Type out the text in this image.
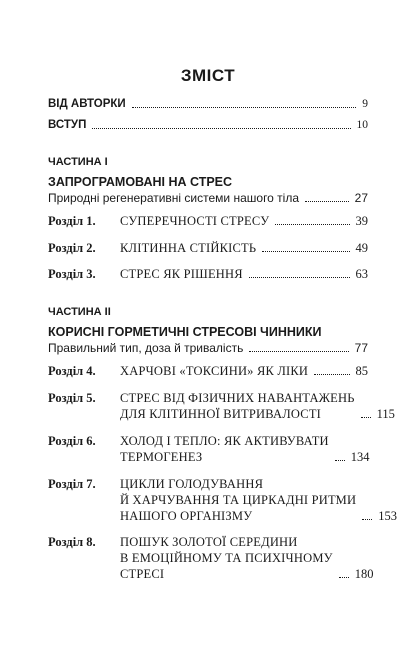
ЗМІСТ
ВІД АВТОРКИ	9
ВСТУП	10
ЧАСТИНА І
ЗАПРОГРАМОВАНІ НА СТРЕС
Природні регенеративні системи нашого тіла	27
Розділ 1.	СУПЕРЕЧНОСТІ СТРЕСУ	39
Розділ 2.	КЛІТИННА СТІЙКІСТЬ	49
Розділ 3.	СТРЕС ЯК РІШЕННЯ	63
ЧАСТИНА ІІ
КОРИСНІ ГОРМЕТИЧНІ СТРЕСОВІ ЧИННИКИ
Правильний тип, доза й тривалість	77
Розділ 4.	ХАРЧОВІ «ТОКСИНИ» ЯК ЛІКИ	85
Розділ 5.	СТРЕС ВІД ФІЗИЧНИХ НАВАНТАЖЕНЬ
ДЛЯ КЛІТИННОЇ ВИТРИВАЛОСТІ	115
Розділ 6.	ХОЛОД І ТЕПЛО: ЯК АКТИВУВАТИ
ТЕРМОГЕНЕЗ	134
Розділ 7.	ЦИКЛИ ГОЛОДУВАННЯ
Й ХАРЧУВАННЯ ТА ЦИРКАДНІ РИТМИ
НАШОГО ОРГАНІЗМУ	153
Розділ 8.	ПОШУК ЗОЛОТОЇ СЕРЕДИНИ
В ЕМОЦІЙНОМУ ТА ПСИХІЧНОМУ
СТРЕСІ	180
